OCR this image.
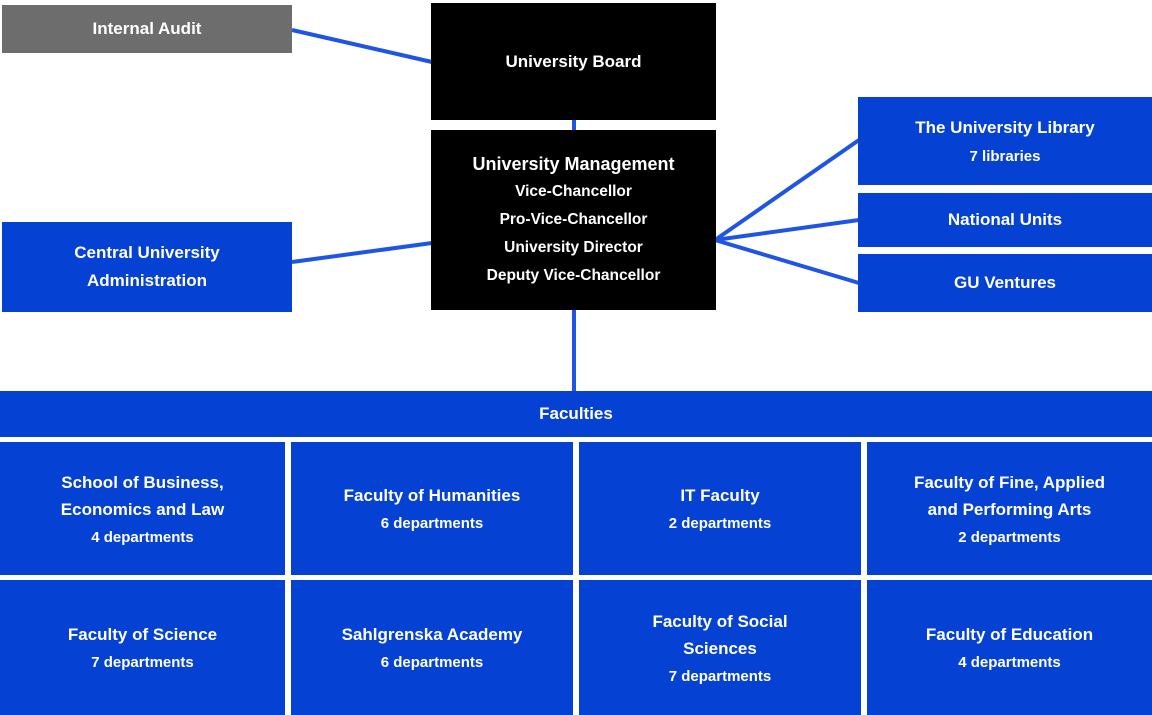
Internal Audit
University Board
University Management
Vice-Chancellor
Pro-Vice-Chancellor
University Director
Deputy Vice-Chancellor
Central University
Administration
The University Library
7 libraries
National Units
GU Ventures
Faculties
School of Business,
Economics and Law
4 departments
Faculty of Humanities
6 departments
IT Faculty
2 departments
Faculty of Fine, Applied
and Performing Arts
2 departments
Faculty of Science
7 departments
Sahlgrenska Academy
6 departments
Faculty of Social
Sciences
7 departments
Faculty of Education
4 departments
